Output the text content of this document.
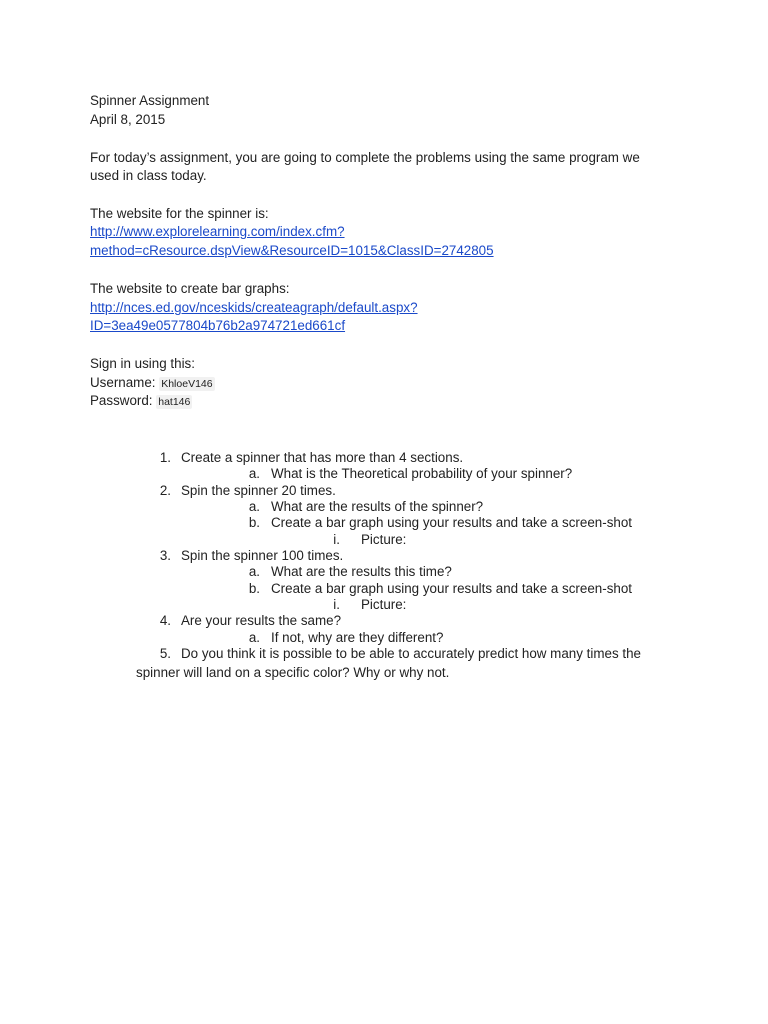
Spinner Assignment
April 8, 2015
For today’s assignment, you are going to complete the problems using the same program we
used in class today.
The website for the spinner is:
http://www.explorelearning.com/index.cfm?
method=cResource.dspView&ResourceID=1015&ClassID=2742805
The website to create bar graphs:
http://nces.ed.gov/nceskids/createagraph/default.aspx?
ID=3ea49e0577804b76b2a974721ed661cf
Sign in using this:
Username: KhloeV146
Password: hat146
1. Create a spinner that has more than 4 sections.
a. What is the Theoretical probability of your spinner?
2. Spin the spinner 20 times.
a. What are the results of the spinner?
b. Create a bar graph using your results and take a screen-shot
i. Picture:
3. Spin the spinner 100 times.
a. What are the results this time?
b. Create a bar graph using your results and take a screen-shot
i. Picture:
4. Are your results the same?
a. If not, why are they different?
5. Do you think it is possible to be able to accurately predict how many times the
spinner will land on a specific color? Why or why not.
